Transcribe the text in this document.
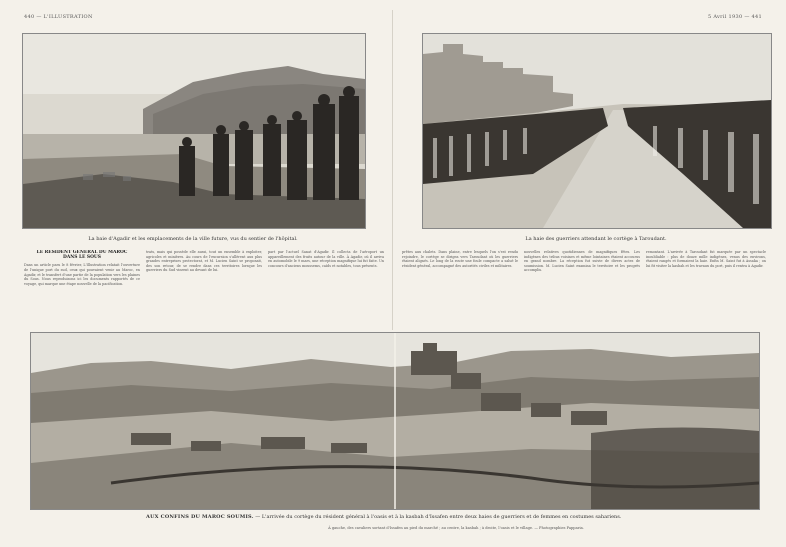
440 — L'ILLUSTRATION	5 Avril 1930 — 441
La baie d'Agadir et les emplacements de la ville future, vus du sentier de l'hôpital.	La haie des guerriers attendant le cortège à Taroudant.
LE RÉSIDENT GÉNÉRAL DU MAROC
DANS LE SOUS
Dans un article paru le 8 février, L'Illustration relatait l'ouverture de l'unique port du sud, ceux qui pouvaient venir au Maroc, en Agadir, et le transfert d'une partie de la population vers les plaines du Sous. Nous reproduisons ici les documents rapportés de ce voyage, qui marque une étape nouvelle de la pacification.
trats, mais qui possède elle aussi, tout un ensemble à exploiter, agricoles et minières. Au cours de l'excursion s'allèrent aux plus grandes entreprises protectorat, et M. Lucien Saint se proposait, des son retour, de se rendre dans ces territoires lorsque les guerriers du Sud vinrent au devant de lui.
part par l'actuel Sanat d'Agadir. Il collecta de l'aéroport un appareillement des fruits autour de la ville. À Agadir, où il arriva en automobile le 9 mars, une réception magnifique lui fut faite. Un concours d'anciens moussems, caïds et notables, tous présents.
prêtes aux chalets. Dans plaine, entre lesquels l'on s'est rendu rejoindre, le cortège se dirigea vers Taroudant où les guerriers étaient alignés. Le long de la route une foule compacte a salué le résident général, accompagné des autorités civiles et militaires.
nouvelles relatives quotidiennes de magnifiques fêtes. Les indigènes des tribus voisines et même lointaines étaient accourus en grand nombre. La réception fut suivie de divers actes de soumission. M. Lucien Saint examina le territoire et les progrès accomplis.
remontant. L'arrivée à Taroudant fut marquée par un spectacle inoubliable : plus de douze mille indigènes, venus des environs, étaient rangés et formaient la haie. Enfin M. Saint fut à Assaka ; on lui fit visiter la kasbah et les travaux du port, puis il rentra à Agadir.
AUX CONFINS DU MAROC SOUMIS. — L'arrivée du cortège du résident général à l'oasis et à la kasbah d'Issafen entre deux haies de guerriers et de femmes en costumes sahariens.
À gauche, des cavaliers sortant d'Issafen au pied du marché ; au centre, la kasbah ; à droite, l'oasis et le village. — Photographies Papparia.
